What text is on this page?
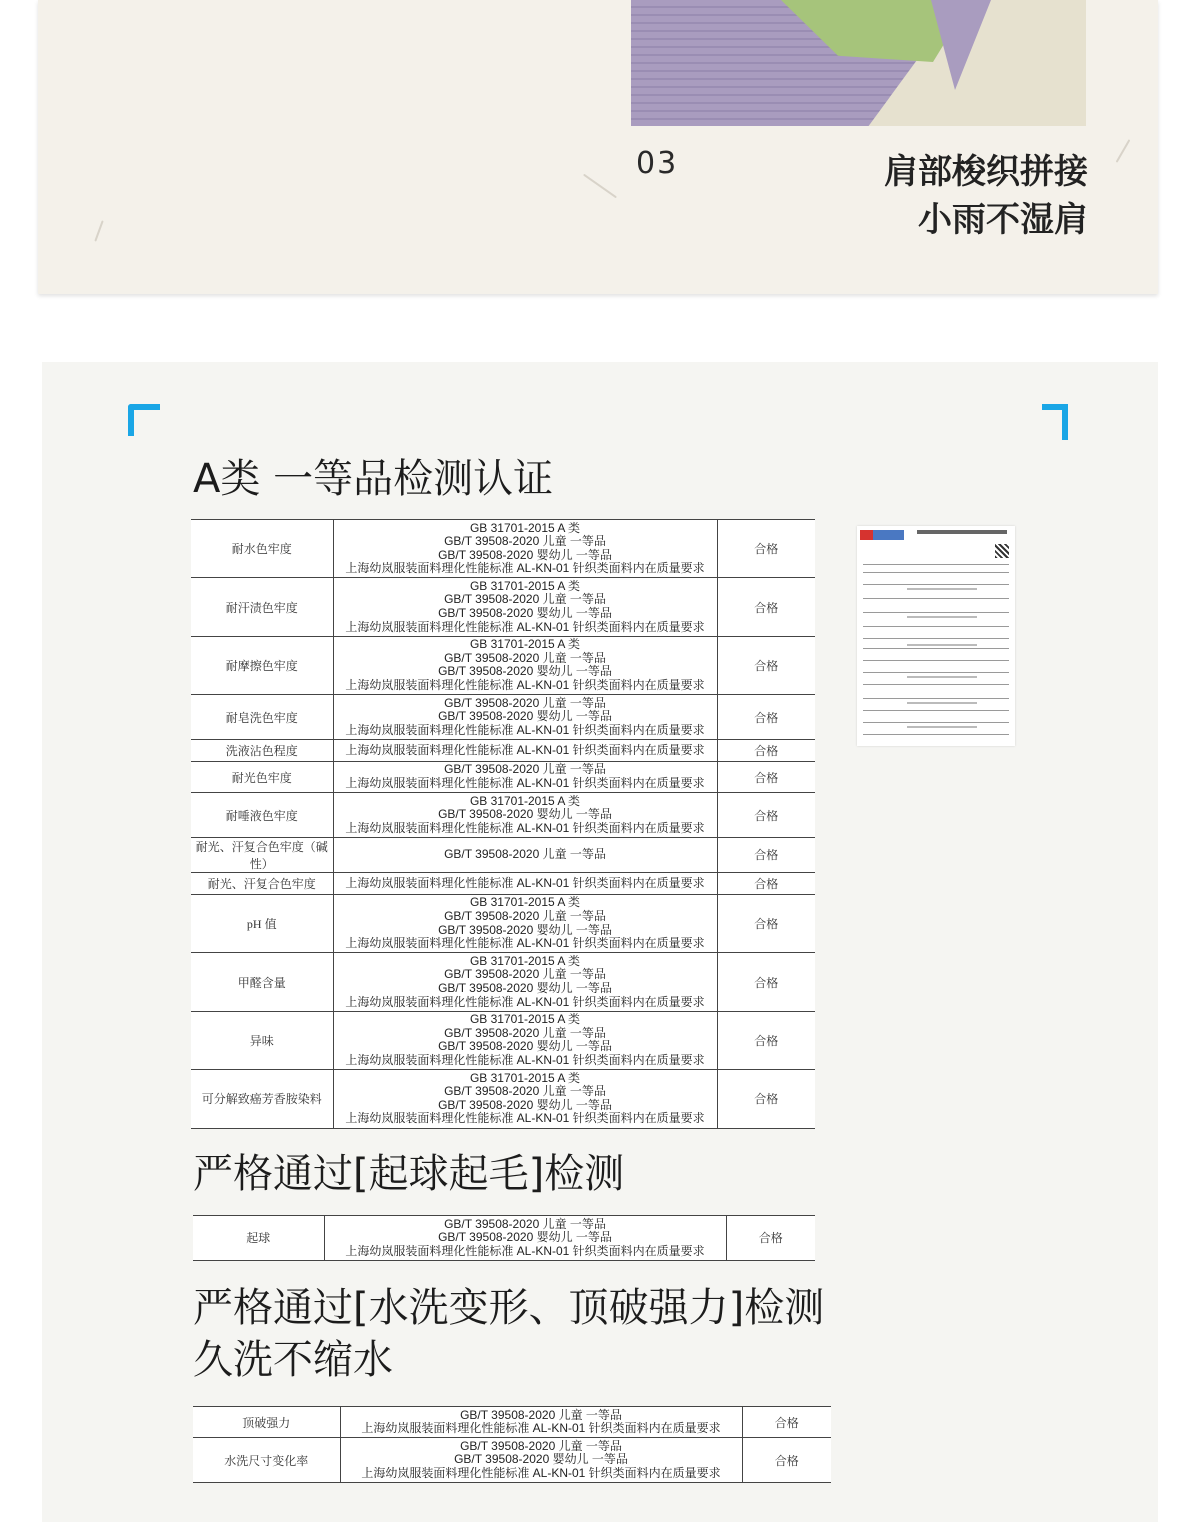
03	肩部梭织拼接
小雨不湿肩
A类 一等品检测认证
耐水色牢度	GB 31701-2015 A 类
GB/T 39508-2020 儿童 一等品
GB/T 39508-2020 婴幼儿 一等品
上海幼岚服装面料理化性能标准 AL-KN-01 针织类面料内在质量要求	合格
耐汗渍色牢度	GB 31701-2015 A 类
GB/T 39508-2020 儿童 一等品
GB/T 39508-2020 婴幼儿 一等品
上海幼岚服装面料理化性能标准 AL-KN-01 针织类面料内在质量要求	合格
耐摩擦色牢度	GB 31701-2015 A 类
GB/T 39508-2020 儿童 一等品
GB/T 39508-2020 婴幼儿 一等品
上海幼岚服装面料理化性能标准 AL-KN-01 针织类面料内在质量要求	合格
耐皂洗色牢度	GB/T 39508-2020 儿童 一等品
GB/T 39508-2020 婴幼儿 一等品
上海幼岚服装面料理化性能标准 AL-KN-01 针织类面料内在质量要求	合格
洗液沾色程度	上海幼岚服装面料理化性能标准 AL-KN-01 针织类面料内在质量要求	合格
耐光色牢度	GB/T 39508-2020 儿童 一等品
上海幼岚服装面料理化性能标准 AL-KN-01 针织类面料内在质量要求	合格
耐唾液色牢度	GB 31701-2015 A 类
GB/T 39508-2020 婴幼儿 一等品
上海幼岚服装面料理化性能标准 AL-KN-01 针织类面料内在质量要求	合格
耐光、汗复合色牢度（碱性）	GB/T 39508-2020 儿童 一等品	合格
耐光、汗复合色牢度	上海幼岚服装面料理化性能标准 AL-KN-01 针织类面料内在质量要求	合格
pH 值	GB 31701-2015 A 类
GB/T 39508-2020 儿童 一等品
GB/T 39508-2020 婴幼儿 一等品
上海幼岚服装面料理化性能标准 AL-KN-01 针织类面料内在质量要求	合格
甲醛含量	GB 31701-2015 A 类
GB/T 39508-2020 儿童 一等品
GB/T 39508-2020 婴幼儿 一等品
上海幼岚服装面料理化性能标准 AL-KN-01 针织类面料内在质量要求	合格
异味	GB 31701-2015 A 类
GB/T 39508-2020 儿童 一等品
GB/T 39508-2020 婴幼儿 一等品
上海幼岚服装面料理化性能标准 AL-KN-01 针织类面料内在质量要求	合格
可分解致癌芳香胺染料	GB 31701-2015 A 类
GB/T 39508-2020 儿童 一等品
GB/T 39508-2020 婴幼儿 一等品
上海幼岚服装面料理化性能标准 AL-KN-01 针织类面料内在质量要求	合格
严格通过[起球起毛]检测
起球	
GB/T 39508-2020 儿童 一等品
GB/T 39508-2020 婴幼儿 一等品
上海幼岚服装面料理化性能标准 AL-KN-01 针织类面料内在质量要求
	合格
严格通过[水洗变形、顶破强力]检测
久洗不缩水
顶破强力	GB/T 39508-2020 儿童 一等品
上海幼岚服装面料理化性能标准 AL-KN-01 针织类面料内在质量要求	合格
水洗尺寸变化率	GB/T 39508-2020 儿童 一等品
GB/T 39508-2020 婴幼儿 一等品
上海幼岚服装面料理化性能标准 AL-KN-01 针织类面料内在质量要求	合格
